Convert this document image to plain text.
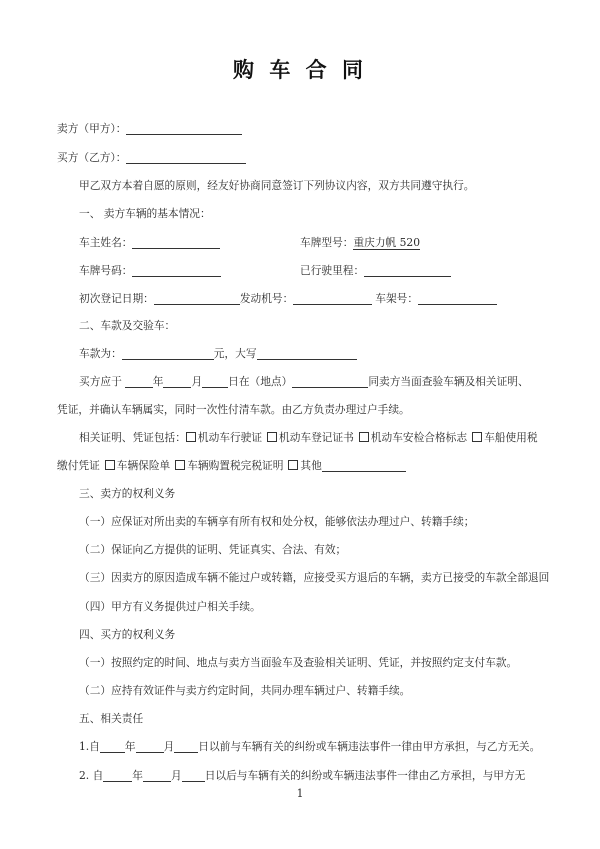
购 车 合 同
卖方（甲方）：
买方（乙方）：
甲乙双方本着自愿的原则，经友好协商同意签订下列协议内容，双方共同遵守执行。
一、 卖方车辆的基本情况：
车主姓名：	车牌型号：重庆力帆 520
车牌号码：	已行驶里程：
初次登记日期：	发动机号：	车架号：
二、车款及交验车：
车款为：	元，大写
买方应于	年	月 日在（地点）	同卖方当面查验车辆及相关证明、
凭证，并确认车辆属实，同时一次性付清车款。由乙方负责办理过户手续。
相关证明、凭证包括： 机动车行驶证 机动车登记证书 机动车安检合格标志 车船使用税
缴付凭证 车辆保险单 车辆购置税完税证明 其他
三、卖方的权利义务
（一）应保证对所出卖的车辆享有所有权和处分权，能够依法办理过户、转籍手续；
（二）保证向乙方提供的证明、凭证真实、合法、有效；
（三）因卖方的原因造成车辆不能过户或转籍，应接受买方退后的车辆，卖方已接受的车款全部退回
（四）甲方有义务提供过户相关手续。
四、买方的权利义务
（一）按照约定的时间、地点与卖方当面验车及查验相关证明、凭证，并按照约定支付车款。
（二）应持有效证件与卖方约定时间，共同办理车辆过户、转籍手续。
五、相关责任
1.自 年	月 日以前与车辆有关的纠纷或车辆违法事件一律由甲方承担，与乙方无关。
2. 自	年	月 日以后与车辆有关的纠纷或车辆违法事件一律由乙方承担，与甲方无
1
